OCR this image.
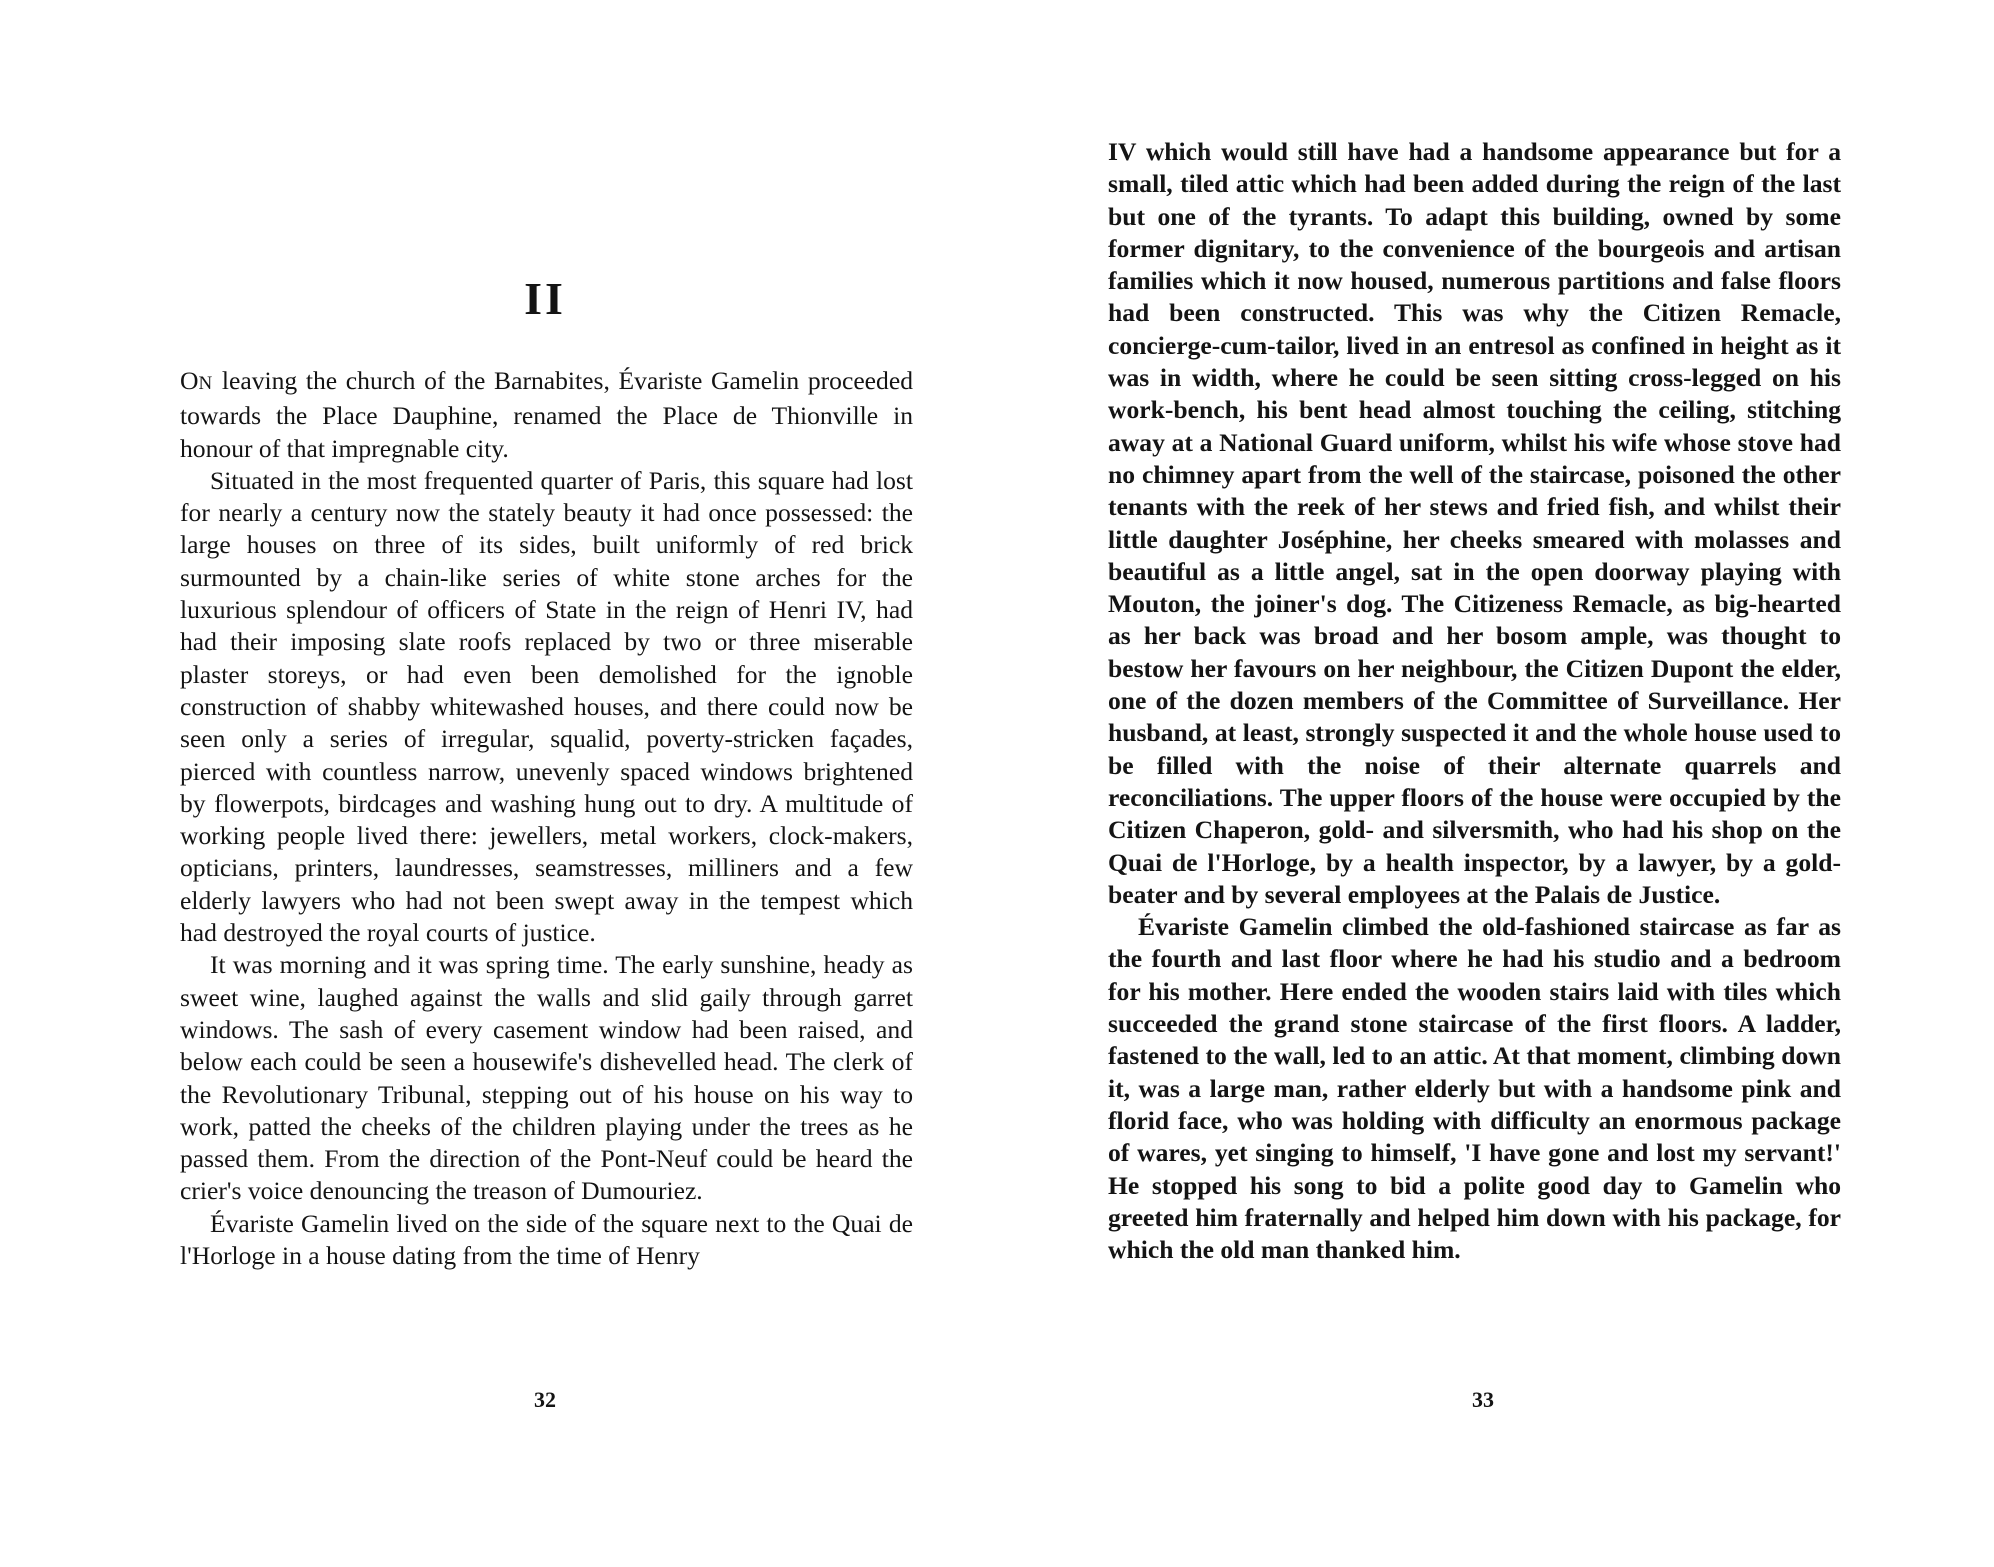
II

ON leaving the church of the Barnabites, Évariste Gamelin proceeded towards the Place Dauphine, renamed the Place de Thionville in honour of that impregnable city.

Situated in the most frequented quarter of Paris, this square had lost for nearly a century now the stately beauty it had once possessed: the large houses on three of its sides, built uniformly of red brick surmounted by a chain-like series of white stone arches for the luxurious splendour of officers of State in the reign of Henri IV, had had their imposing slate roofs replaced by two or three miserable plaster storeys, or had even been demolished for the ignoble construction of shabby whitewashed houses, and there could now be seen only a series of irregular, squalid, poverty-stricken façades, pierced with countless narrow, unevenly spaced windows brightened by flowerpots, birdcages and washing hung out to dry. A multitude of working people lived there: jewellers, metal workers, clock-makers, opticians, printers, laundresses, seamstresses, milliners and a few elderly lawyers who had not been swept away in the tempest which had destroyed the royal courts of justice.

It was morning and it was spring time. The early sunshine, heady as sweet wine, laughed against the walls and slid gaily through garret windows. The sash of every casement window had been raised, and below each could be seen a housewife's dishevelled head. The clerk of the Revolutionary Tribunal, stepping out of his house on his way to work, patted the cheeks of the children playing under the trees as he passed them. From the direction of the Pont-Neuf could be heard the crier's voice denouncing the treason of Dumouriez.

Évariste Gamelin lived on the side of the square next to the Quai de l'Horloge in a house dating from the time of Henry

32

IV which would still have had a handsome appearance but for a small, tiled attic which had been added during the reign of the last but one of the tyrants. To adapt this building, owned by some former dignitary, to the convenience of the bourgeois and artisan families which it now housed, numerous partitions and false floors had been constructed. This was why the Citizen Remacle, concierge-cum-tailor, lived in an entresol as confined in height as it was in width, where he could be seen sitting cross-legged on his work-bench, his bent head almost touching the ceiling, stitching away at a National Guard uniform, whilst his wife whose stove had no chimney apart from the well of the staircase, poisoned the other tenants with the reek of her stews and fried fish, and whilst their little daughter Joséphine, her cheeks smeared with molasses and beautiful as a little angel, sat in the open doorway playing with Mouton, the joiner's dog. The Citizeness Remacle, as big-hearted as her back was broad and her bosom ample, was thought to bestow her favours on her neighbour, the Citizen Dupont the elder, one of the dozen members of the Committee of Surveillance. Her husband, at least, strongly suspected it and the whole house used to be filled with the noise of their alternate quarrels and reconciliations. The upper floors of the house were occupied by the Citizen Chaperon, gold- and silversmith, who had his shop on the Quai de l'Horloge, by a health inspector, by a lawyer, by a gold-beater and by several employees at the Palais de Justice.

Évariste Gamelin climbed the old-fashioned staircase as far as the fourth and last floor where he had his studio and a bedroom for his mother. Here ended the wooden stairs laid with tiles which succeeded the grand stone staircase of the first floors. A ladder, fastened to the wall, led to an attic. At that moment, climbing down it, was a large man, rather elderly but with a handsome pink and florid face, who was holding with difficulty an enormous package of wares, yet singing to himself, 'I have gone and lost my servant!' He stopped his song to bid a polite good day to Gamelin who greeted him fraternally and helped him down with his package, for which the old man thanked him.

33
